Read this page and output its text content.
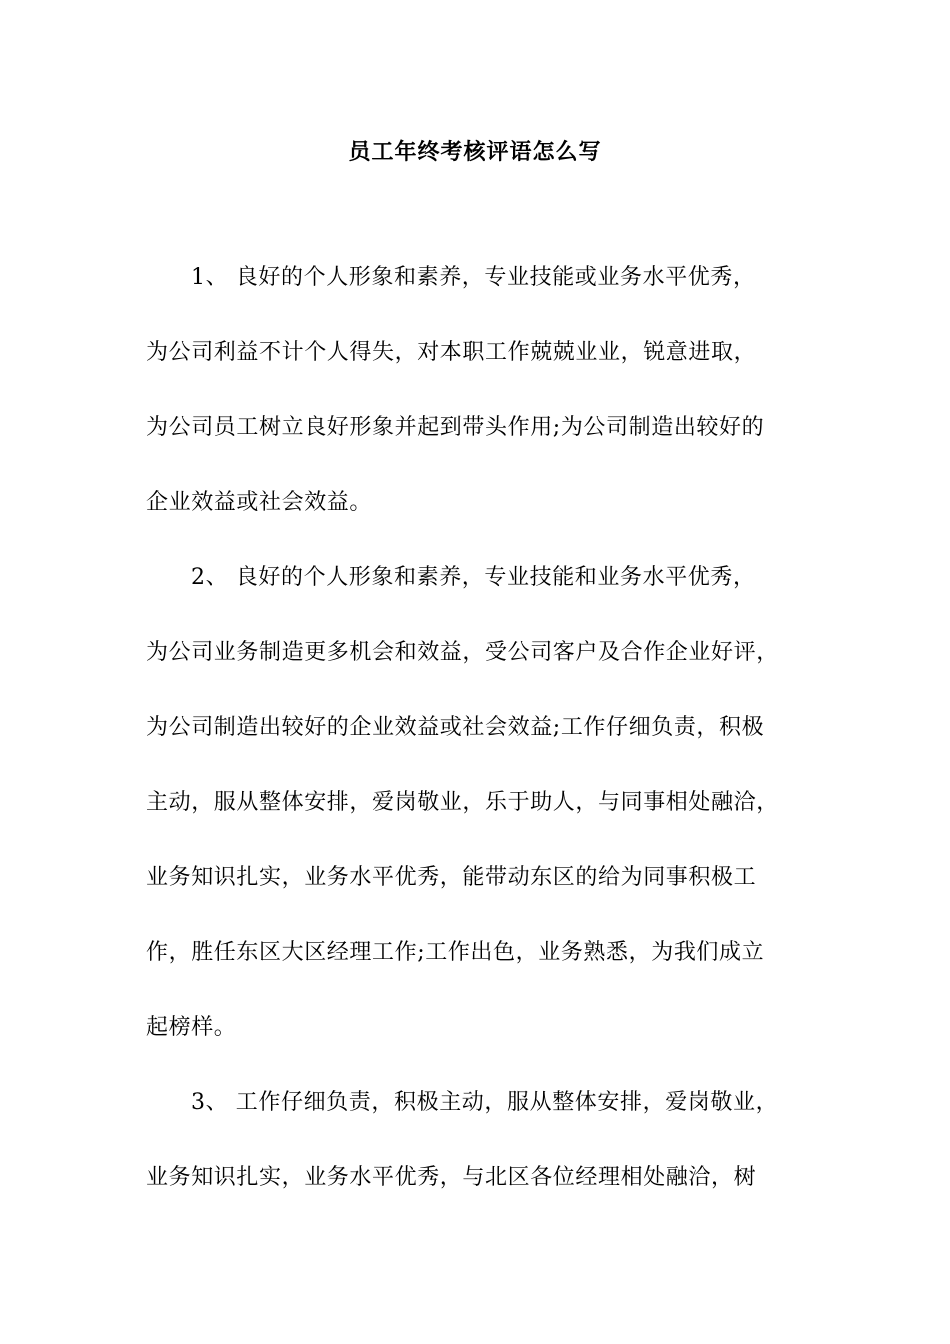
员工年终考核评语怎么写
1、 良好的个人形象和素养，专业技能或业务水平优秀，
为公司利益不计个人得失，对本职工作兢兢业业，锐意进取，
为公司员工树立良好形象并起到带头作用;为公司制造出较好的
企业效益或社会效益。
2、 良好的个人形象和素养，专业技能和业务水平优秀，
为公司业务制造更多机会和效益，受公司客户及合作企业好评，
为公司制造出较好的企业效益或社会效益;工作仔细负责，积极
主动，服从整体安排，爱岗敬业，乐于助人，与同事相处融洽，
业务知识扎实，业务水平优秀，能带动东区的给为同事积极工
作，胜任东区大区经理工作;工作出色，业务熟悉，为我们成立
起榜样。
3、 工作仔细负责，积极主动，服从整体安排，爱岗敬业，
业务知识扎实，业务水平优秀，与北区各位经理相处融洽，树
